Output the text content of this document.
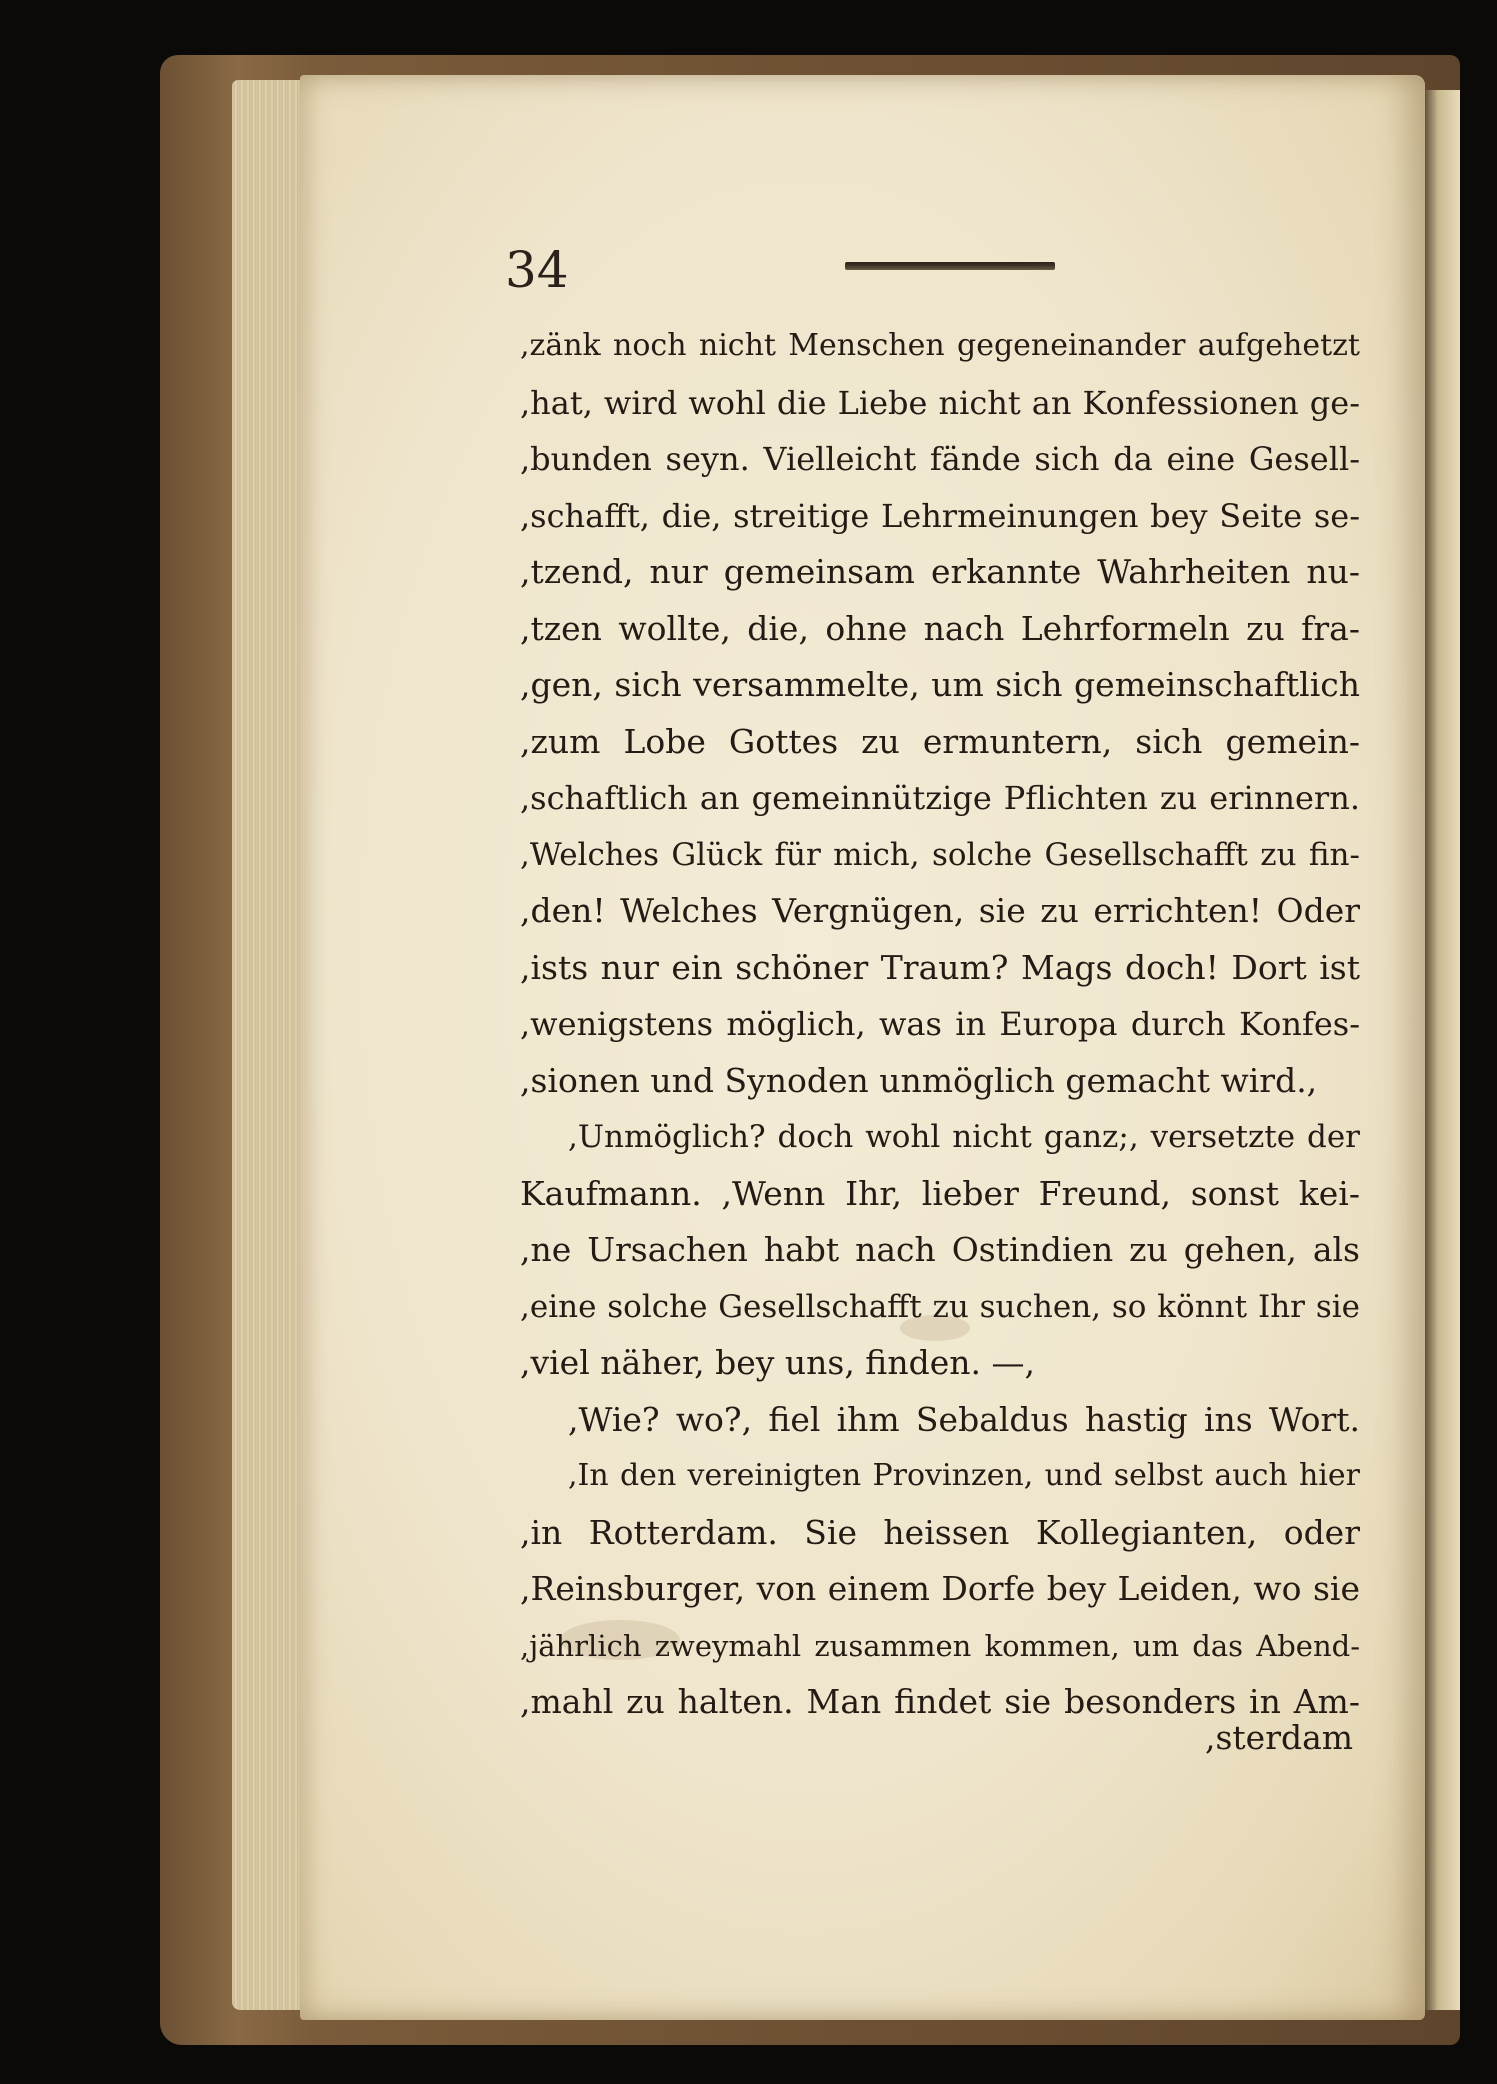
34
,zänk noch nicht Menschen gegeneinander aufgehetzt
,hat, wird wohl die Liebe nicht an Konfessionen ge-
,bunden seyn. Vielleicht fände sich da eine Gesell-
,schafft, die, streitige Lehrmeinungen bey Seite se-
,tzend, nur gemeinsam erkannte Wahrheiten nu-
,tzen wollte, die, ohne nach Lehrformeln zu fra-
,gen, sich versammelte, um sich gemeinschaftlich
,zum Lobe Gottes zu ermuntern, sich gemein-
,schaftlich an gemeinnützige Pflichten zu erinnern.
,Welches Glück für mich, solche Gesellschafft zu fin-
,den! Welches Vergnügen, sie zu errichten! Oder
,ists nur ein schöner Traum? Mags doch! Dort ist
,wenigstens möglich, was in Europa durch Konfes-
,sionen und Synoden unmöglich gemacht wird.,
,Unmöglich? doch wohl nicht ganz;, versetzte der
Kaufmann. ,Wenn Ihr, lieber Freund, sonst kei-
,ne Ursachen habt nach Ostindien zu gehen, als
,eine solche Gesellschafft zu suchen, so könnt Ihr sie
,viel näher, bey uns, finden. —,
,Wie? wo?, fiel ihm Sebaldus hastig ins Wort.
,In den vereinigten Provinzen, und selbst auch hier
,in Rotterdam. Sie heissen Kollegianten, oder
,Reinsburger, von einem Dorfe bey Leiden, wo sie
,jährlich zweymahl zusammen kommen, um das Abend-
,mahl zu halten. Man findet sie besonders in Am-
,sterdam
